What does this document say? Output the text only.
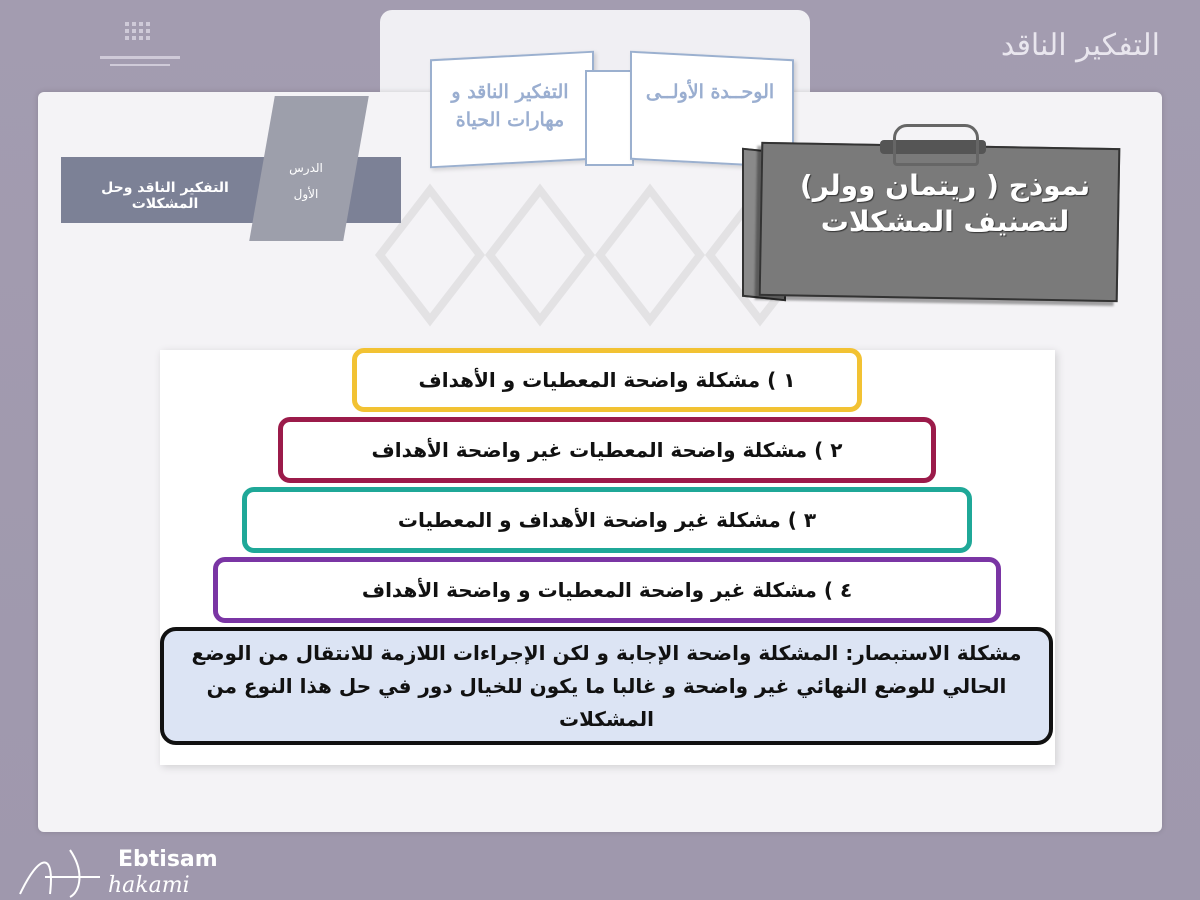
التفكير الناقد
التفكير الناقد و مهارات الحياة
الوحــدة الأولــى
الدرس الأول
التفكير الناقد وحل المشكلات
نموذج ( ريتمان وولر) لتصنيف المشكلات
١ ) مشكلة واضحة المعطيات و الأهداف
٢ ) مشكلة واضحة المعطيات غير واضحة الأهداف
٣ ) مشكلة غير واضحة الأهداف و المعطيات
٤ ) مشكلة غير واضحة المعطيات و واضحة الأهداف
مشكلة الاستبصار: المشكلة واضحة الإجابة و لكن الإجراءات اللازمة للانتقال من الوضع الحالي للوضع النهائي غير واضحة و غالبا ما يكون للخيال دور في حل هذا النوع من المشكلات
Ebtisam
hakami
